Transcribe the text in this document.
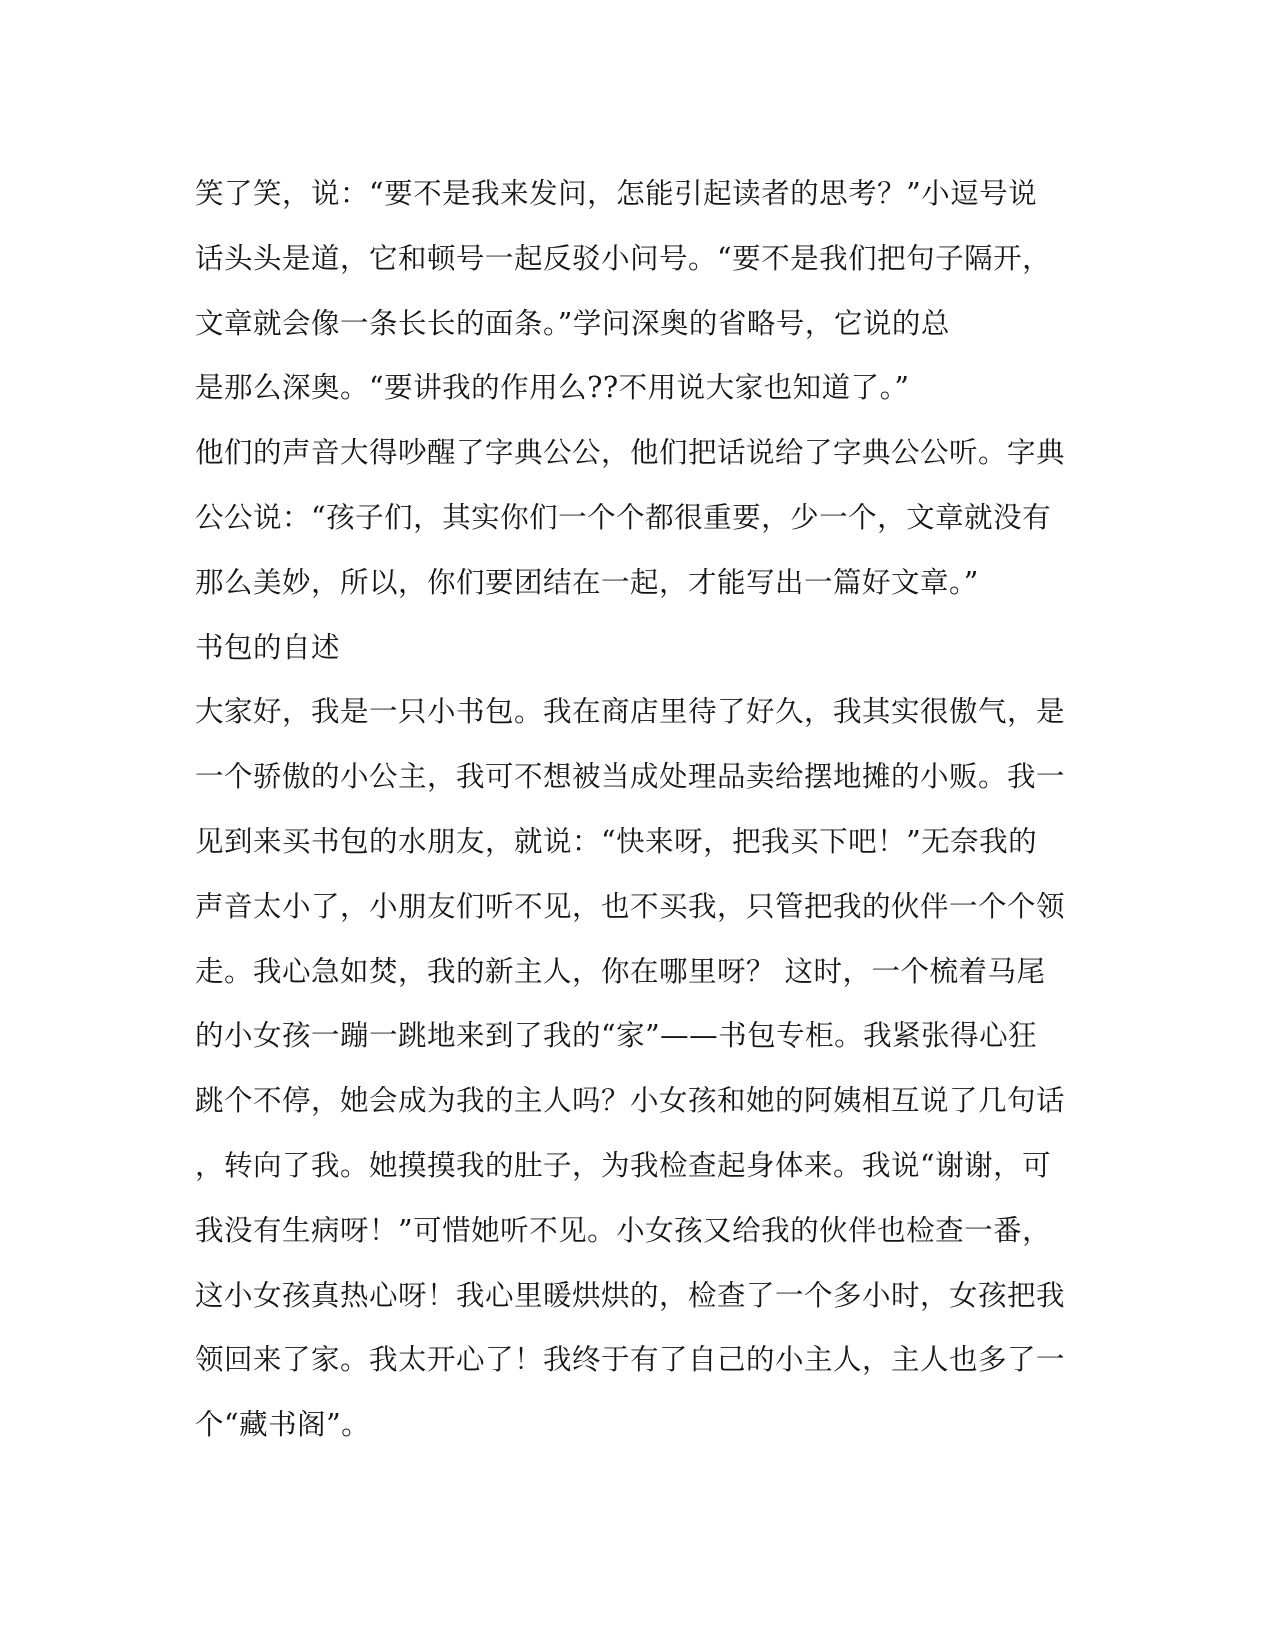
笑了笑，说：“要不是我来发问，怎能引起读者的思考？”小逗号说
话头头是道，它和顿号一起反驳小问号。“要不是我们把句子隔开，
文章就会像一条长长的面条。”学问深奥的省略号，它说的总
是那么深奥。“要讲我的作用么??不用说大家也知道了。”
他们的声音大得吵醒了字典公公，他们把话说给了字典公公听。字典
公公说：“孩子们，其实你们一个个都很重要，少一个，文章就没有
那么美妙，所以，你们要团结在一起，才能写出一篇好文章。”
书包的自述
大家好，我是一只小书包。我在商店里待了好久，我其实很傲气，是
一个骄傲的小公主，我可不想被当成处理品卖给摆地摊的小贩。我一
见到来买书包的水朋友，就说：“快来呀，把我买下吧！”无奈我的
声音太小了，小朋友们听不见，也不买我，只管把我的伙伴一个个领
走。我心急如焚，我的新主人，你在哪里呀？ 这时，一个梳着马尾
的小女孩一蹦一跳地来到了我的“家”——书包专柜。我紧张得心狂
跳个不停，她会成为我的主人吗？小女孩和她的阿姨相互说了几句话
，转向了我。她摸摸我的肚子，为我检查起身体来。我说“谢谢，可
我没有生病呀！”可惜她听不见。小女孩又给我的伙伴也检查一番，
这小女孩真热心呀！我心里暖烘烘的，检查了一个多小时，女孩把我
领回来了家。我太开心了！我终于有了自己的小主人，主人也多了一
个“藏书阁”。
